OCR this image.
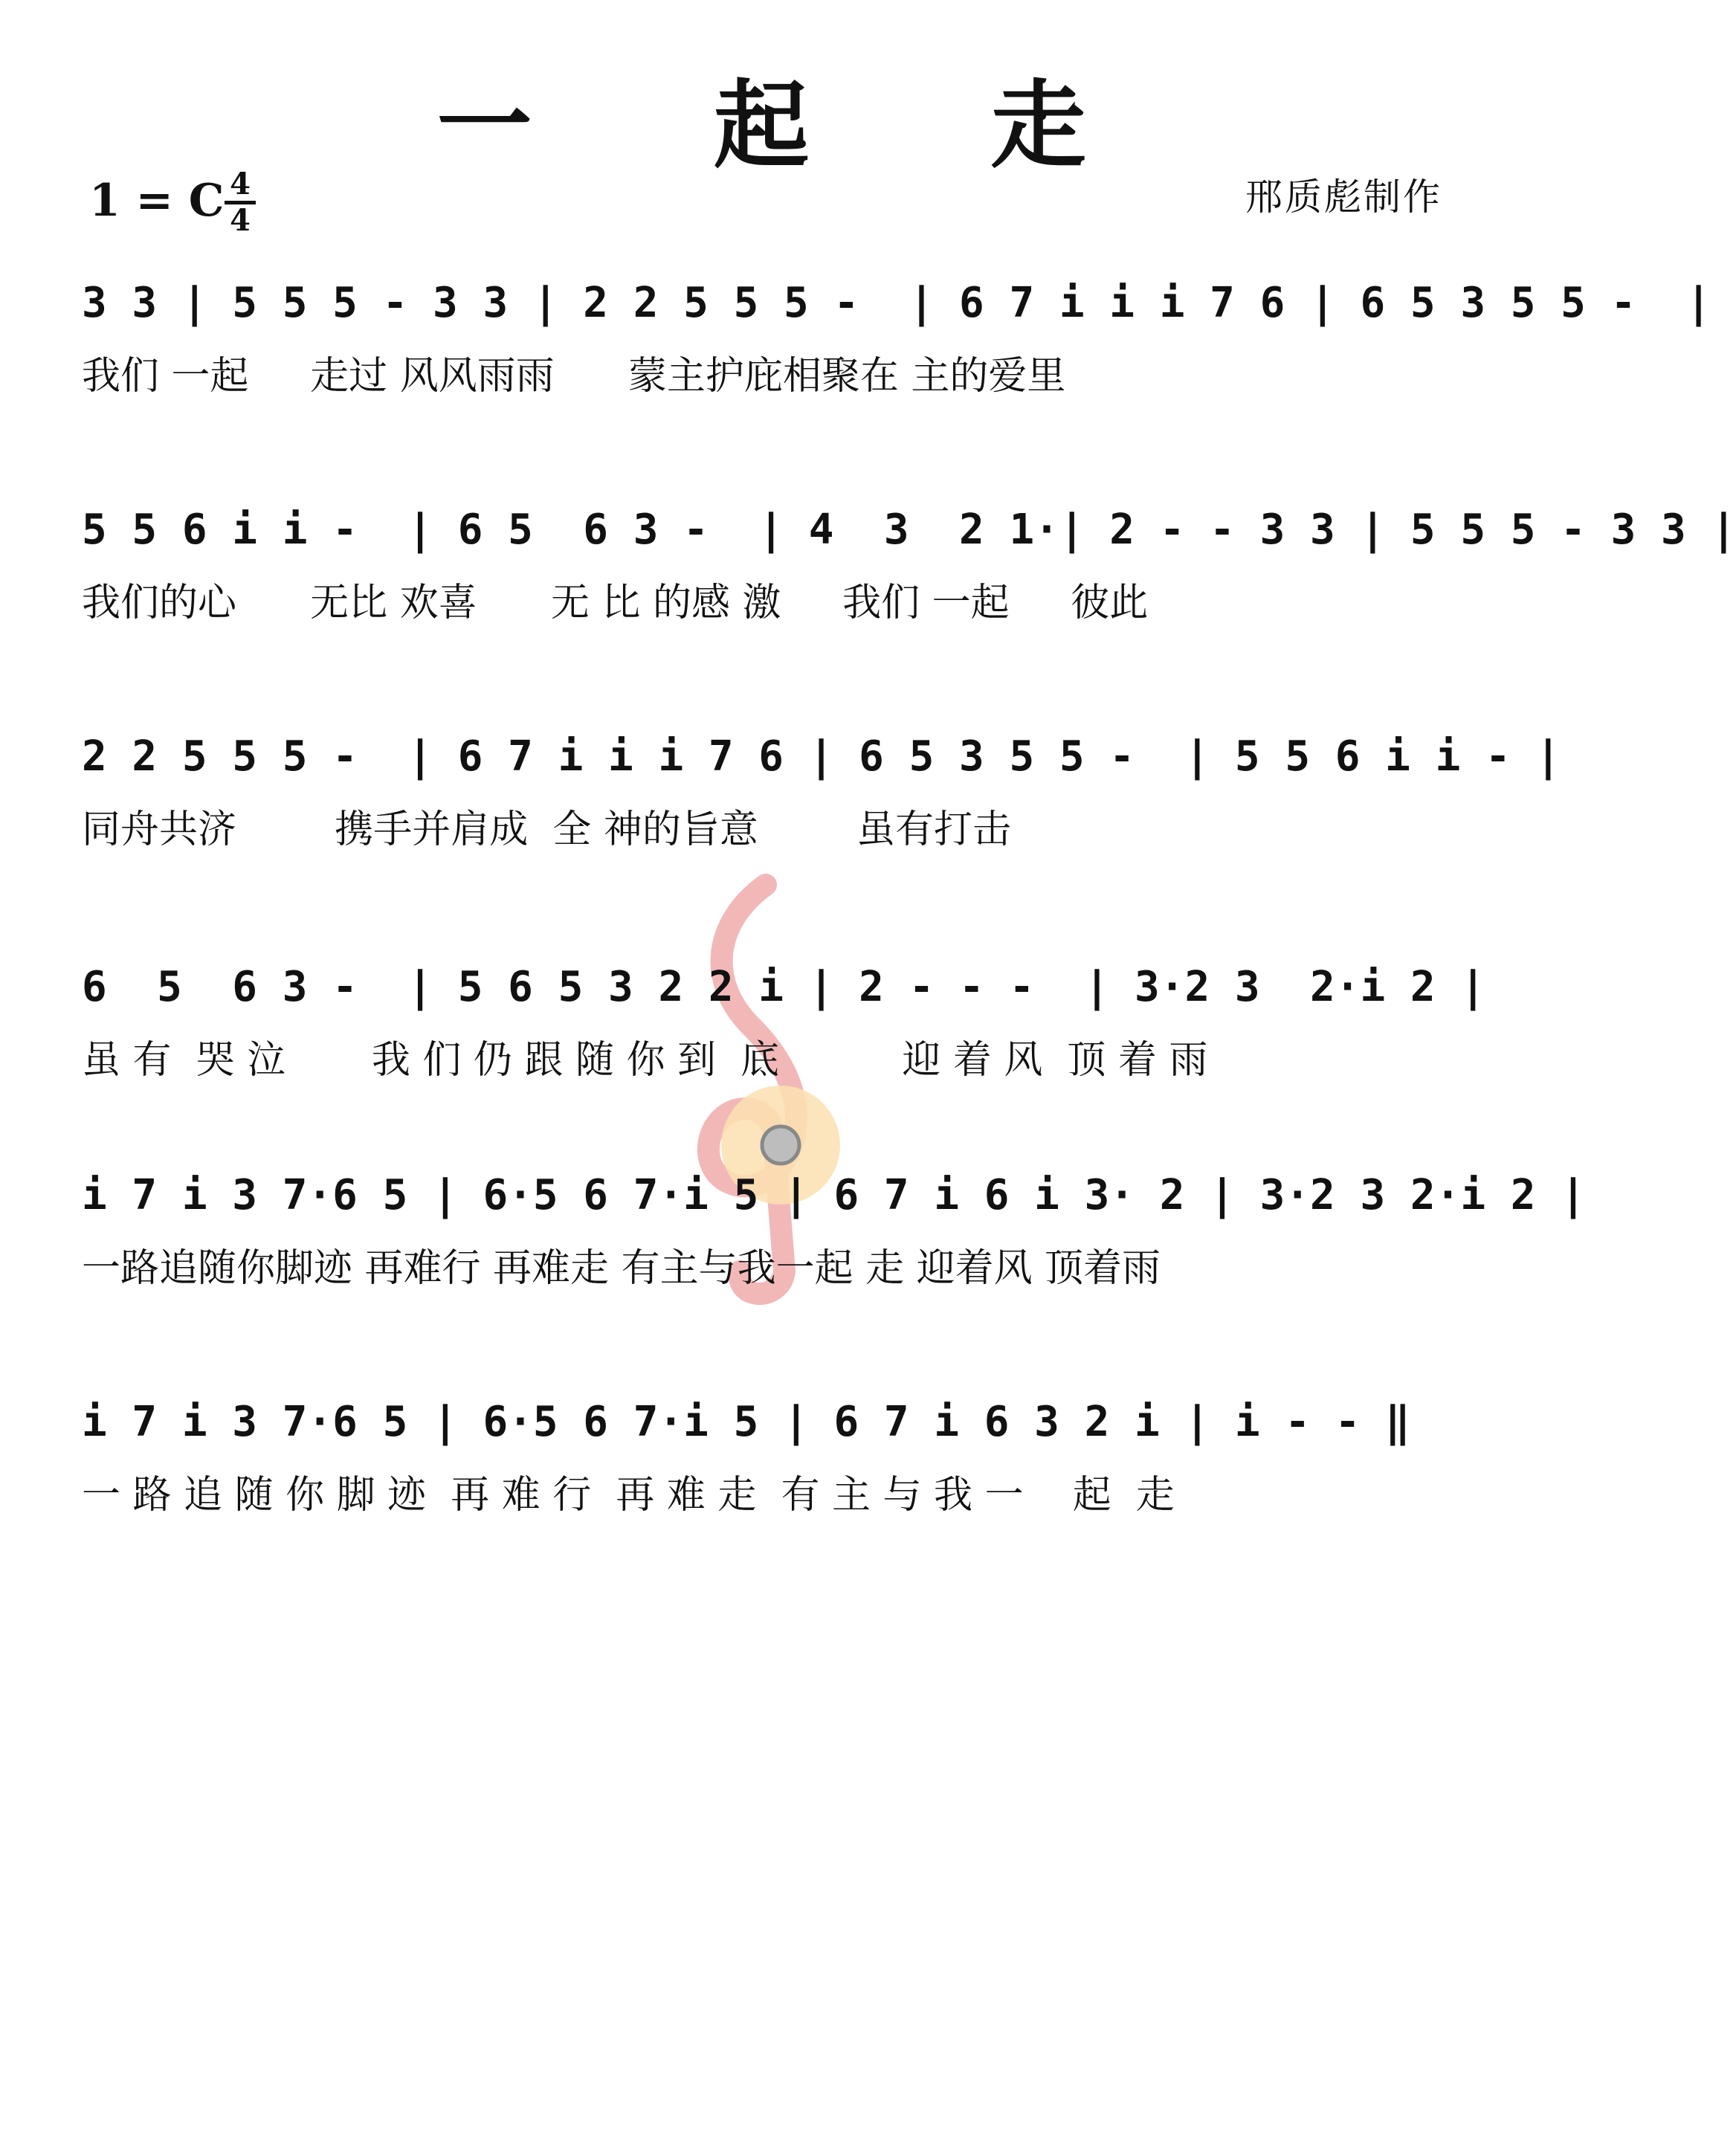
一 起 走
1 = C 4
4
邢质彪制作
3 3 | 5 5 5 - 3 3 | 2 2 5 5 5 -  | 6 7 i i i 7 6 | 6 5 3 5 5 -  |
我们 一起     走过 风风雨雨      蒙主护庇相聚在 主的爱里
5 5 6 i i -  | 6 5  6 3 -  | 4  3  2 1·| 2 - - 3 3 | 5 5 5 - 3 3 |
我们的心      无比 欢喜      无 比 的感 激     我们 一起     彼此
2 2 5 5 5 -  | 6 7 i i i 7 6 | 6 5 3 5 5 -  | 5 5 6 i i - |
同舟共济        携手并肩成  全 神的旨意        虽有打击
6  5  6 3 -  | 5 6 5 3 2 2 i | 2 - - -  | 3·2 3  2·i 2 |
虽 有  哭 泣       我 们 仍 跟 随 你 到  底          迎 着 风  顶 着 雨
i 7 i 3 7·6 5 | 6·5 6 7·i 5 | 6 7 i 6 i 3· 2 | 3·2 3 2·i 2 |
一路追随你脚迹 再难行 再难走 有主与我一起 走 迎着风 顶着雨
i 7 i 3 7·6 5 | 6·5 6 7·i 5 | 6 7 i 6 3 2 i | i - - ‖
一 路 追 随 你 脚 迹  再 难 行  再 难 走  有 主 与 我 一    起  走
